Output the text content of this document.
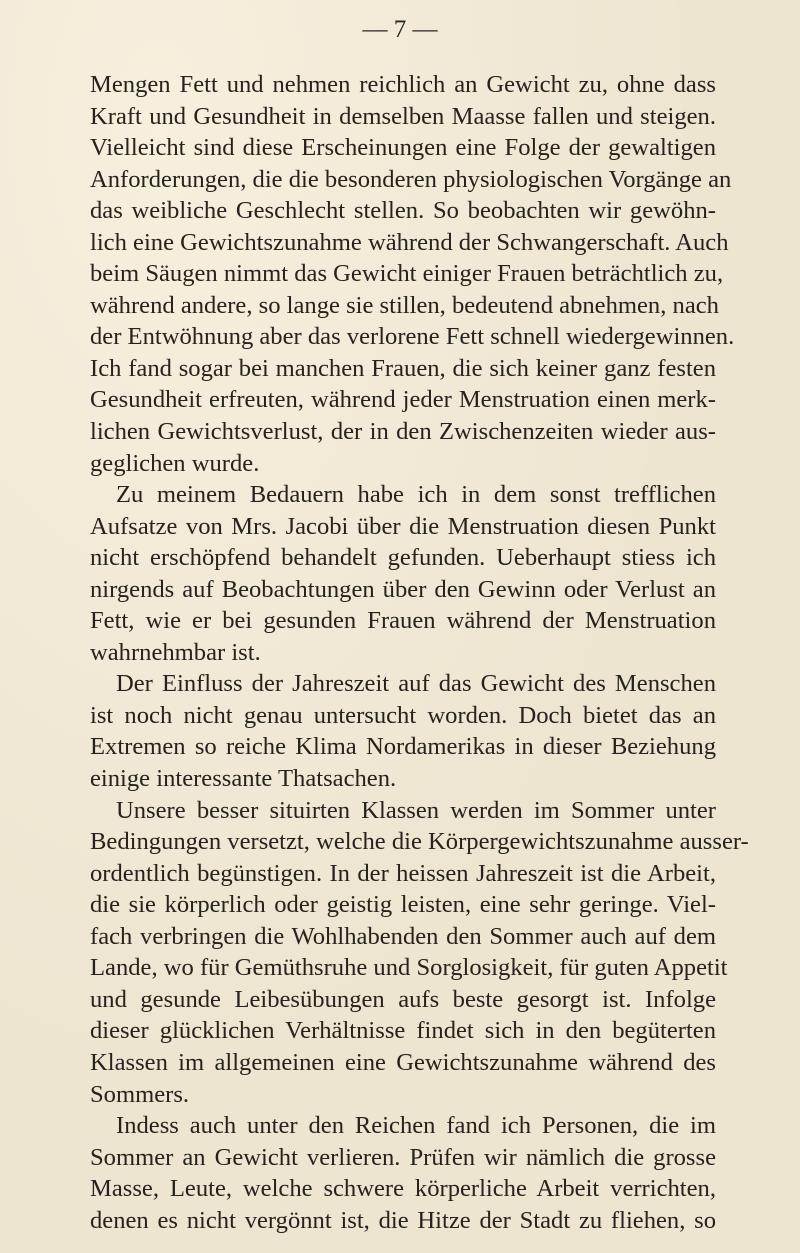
— 7 —
Mengen Fett und nehmen reichlich an Gewicht zu, ohne dass
Kraft und Gesundheit in demselben Maasse fallen und steigen.
Vielleicht sind diese Erscheinungen eine Folge der gewaltigen
Anforderungen, die die besonderen physiologischen Vorgänge an
das weibliche Geschlecht stellen. So beobachten wir gewöhn-
lich eine Gewichtszunahme während der Schwangerschaft. Auch
beim Säugen nimmt das Gewicht einiger Frauen beträchtlich zu,
während andere, so lange sie stillen, bedeutend abnehmen, nach
der Entwöhnung aber das verlorene Fett schnell wiedergewinnen.
Ich fand sogar bei manchen Frauen, die sich keiner ganz festen
Gesundheit erfreuten, während jeder Menstruation einen merk-
lichen Gewichtsverlust, der in den Zwischenzeiten wieder aus-
geglichen wurde.
Zu meinem Bedauern habe ich in dem sonst trefflichen
Aufsatze von Mrs. Jacobi über die Menstruation diesen Punkt
nicht erschöpfend behandelt gefunden. Ueberhaupt stiess ich
nirgends auf Beobachtungen über den Gewinn oder Verlust an
Fett, wie er bei gesunden Frauen während der Menstruation
wahrnehmbar ist.
Der Einfluss der Jahreszeit auf das Gewicht des Menschen
ist noch nicht genau untersucht worden. Doch bietet das an
Extremen so reiche Klima Nordamerikas in dieser Beziehung
einige interessante Thatsachen.
Unsere besser situirten Klassen werden im Sommer unter
Bedingungen versetzt, welche die Körpergewichtszunahme ausser-
ordentlich begünstigen. In der heissen Jahreszeit ist die Arbeit,
die sie körperlich oder geistig leisten, eine sehr geringe. Viel-
fach verbringen die Wohlhabenden den Sommer auch auf dem
Lande, wo für Gemüthsruhe und Sorglosigkeit, für guten Appetit
und gesunde Leibesübungen aufs beste gesorgt ist. Infolge
dieser glücklichen Verhältnisse findet sich in den begüterten
Klassen im allgemeinen eine Gewichtszunahme während des
Sommers.
Indess auch unter den Reichen fand ich Personen, die im
Sommer an Gewicht verlieren. Prüfen wir nämlich die grosse
Masse, Leute, welche schwere körperliche Arbeit verrichten,
denen es nicht vergönnt ist, die Hitze der Stadt zu fliehen, so
